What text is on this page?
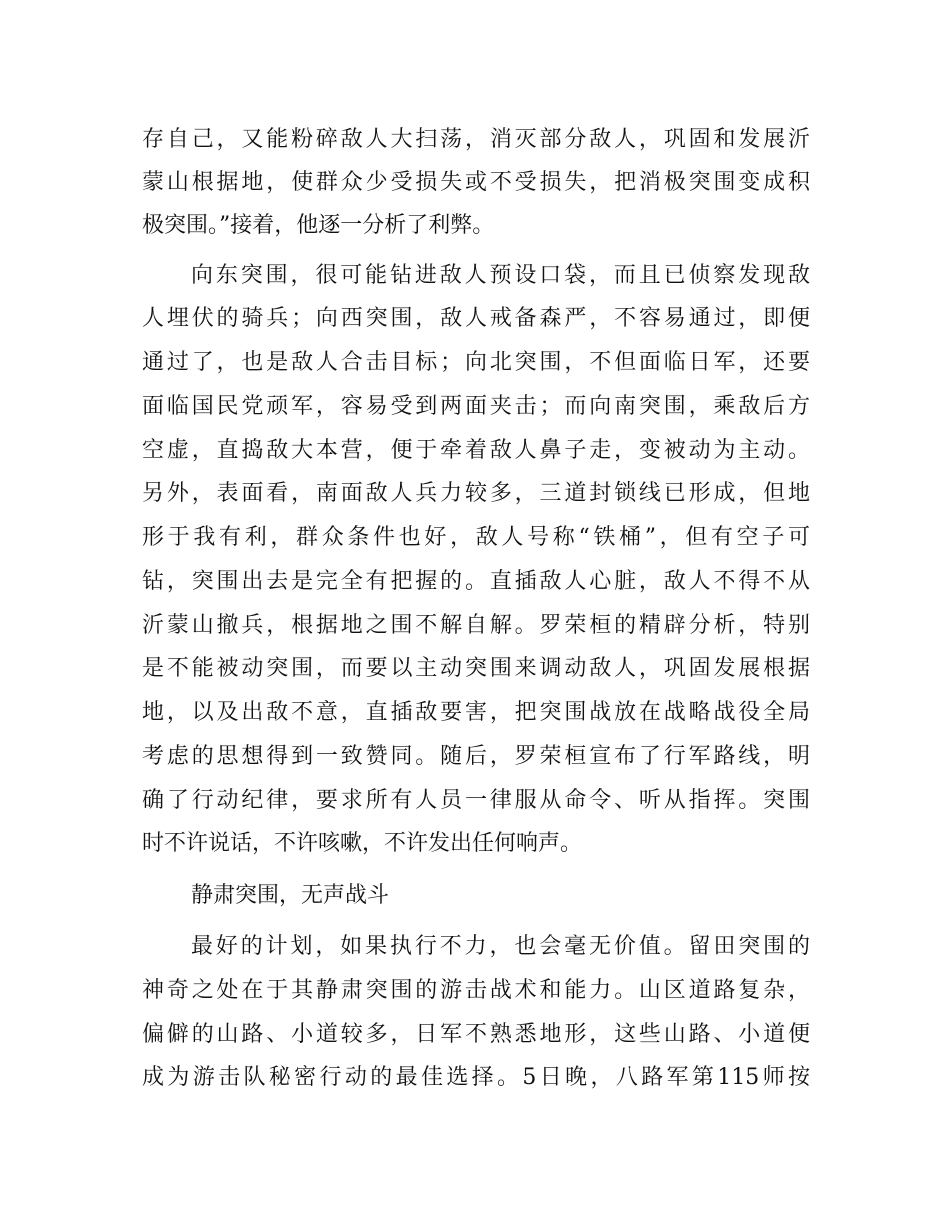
存自己，又能粉碎敌人大扫荡，消灭部分敌人，巩固和发展沂

蒙山根据地，使群众少受损失或不受损失，把消极突围变成积

极突围。”接着，他逐一分析了利弊。

向东突围，很可能钻进敌人预设口袋，而且已侦察发现敌

人埋伏的骑兵；向西突围，敌人戒备森严，不容易通过，即便

通过了，也是敌人合击目标；向北突围，不但面临日军，还要

面临国民党顽军，容易受到两面夹击；而向南突围，乘敌后方

空虚，直捣敌大本营，便于牵着敌人鼻子走，变被动为主动。

另外，表面看，南面敌人兵力较多，三道封锁线已形成，但地

形于我有利，群众条件也好，敌人号称“铁桶”，但有空子可

钻，突围出去是完全有把握的。直插敌人心脏，敌人不得不从

沂蒙山撤兵，根据地之围不解自解。罗荣桓的精辟分析，特别

是不能被动突围，而要以主动突围来调动敌人，巩固发展根据

地，以及出敌不意，直插敌要害，把突围战放在战略战役全局

考虑的思想得到一致赞同。随后，罗荣桓宣布了行军路线，明

确了行动纪律，要求所有人员一律服从命令、听从指挥。突围

时不许说话，不许咳嗽，不许发出任何响声。

静肃突围，无声战斗

最好的计划，如果执行不力，也会毫无价值。留田突围的

神奇之处在于其静肃突围的游击战术和能力。山区道路复杂，

偏僻的山路、小道较多，日军不熟悉地形，这些山路、小道便

成为游击队秘密行动的最佳选择。5日晚，八路军第115师按
